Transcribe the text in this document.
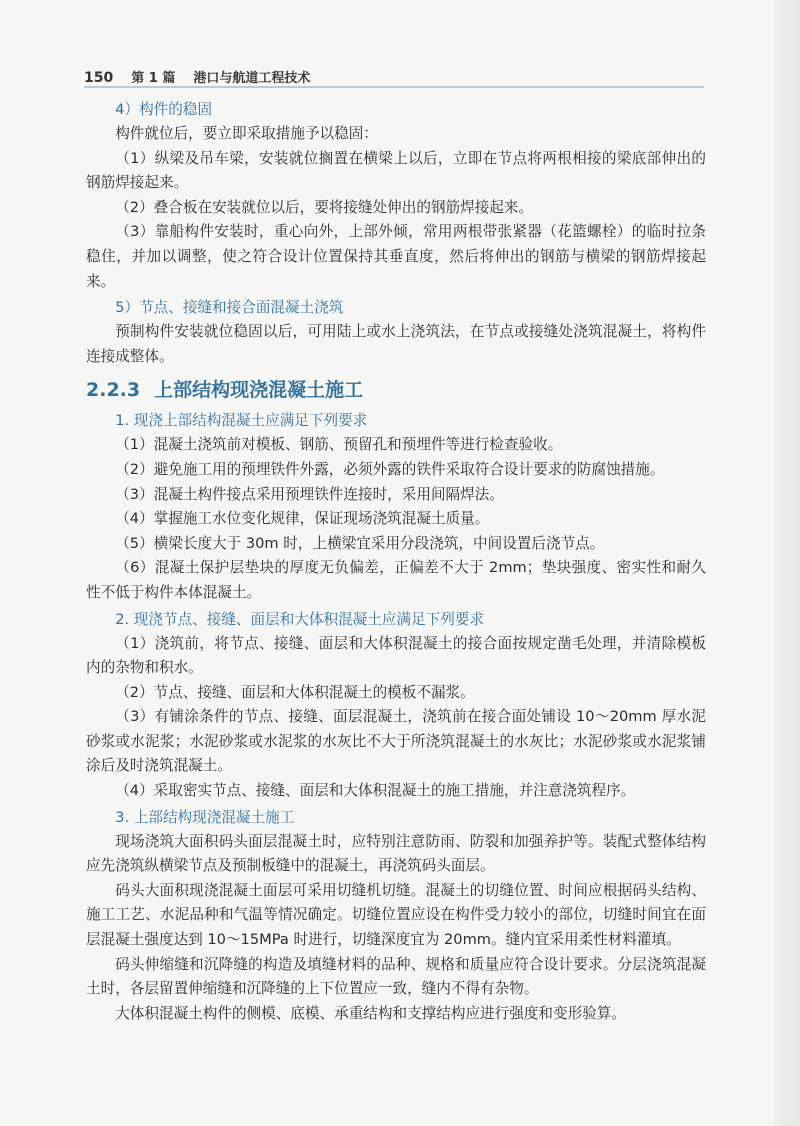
150 第 1 篇 港口与航道工程技术
4）构件的稳固

构件就位后，要立即采取措施予以稳固：

（1）纵梁及吊车梁，安装就位搁置在横梁上以后，立即在节点将两根相接的梁底部伸出的钢筋焊接起来。

（2）叠合板在安装就位以后，要将接缝处伸出的钢筋焊接起来。

（3）靠船构件安装时，重心向外，上部外倾，常用两根带张紧器（花篮螺栓）的临时拉条稳住，并加以调整，使之符合设计位置保持其垂直度，然后将伸出的钢筋与横梁的钢筋焊接起来。

5）节点、接缝和接合面混凝土浇筑

预制构件安装就位稳固以后，可用陆上或水上浇筑法，在节点或接缝处浇筑混凝土，将构件连接成整体。

2.2.3 上部结构现浇混凝土施工
1. 现浇上部结构混凝土应满足下列要求

（1）混凝土浇筑前对模板、钢筋、预留孔和预埋件等进行检查验收。

（2）避免施工用的预埋铁件外露，必须外露的铁件采取符合设计要求的防腐蚀措施。

（3）混凝土构件接点采用预埋铁件连接时，采用间隔焊法。

（4）掌握施工水位变化规律，保证现场浇筑混凝土质量。

（5）横梁长度大于 30m 时，上横梁宜采用分段浇筑，中间设置后浇节点。

（6）混凝土保护层垫块的厚度无负偏差，正偏差不大于 2mm；垫块强度、密实性和耐久性不低于构件本体混凝土。

2. 现浇节点、接缝、面层和大体积混凝土应满足下列要求

（1）浇筑前，将节点、接缝、面层和大体积混凝土的接合面按规定凿毛处理，并清除模板内的杂物和积水。

（2）节点、接缝、面层和大体积混凝土的模板不漏浆。

（3）有铺涂条件的节点、接缝、面层混凝土，浇筑前在接合面处铺设 10～20mm 厚水泥砂浆或水泥浆；水泥砂浆或水泥浆的水灰比不大于所浇筑混凝土的水灰比；水泥砂浆或水泥浆铺涂后及时浇筑混凝土。

（4）采取密实节点、接缝、面层和大体积混凝土的施工措施，并注意浇筑程序。

3. 上部结构现浇混凝土施工

现场浇筑大面积码头面层混凝土时，应特别注意防雨、防裂和加强养护等。装配式整体结构应先浇筑纵横梁节点及预制板缝中的混凝土，再浇筑码头面层。

码头大面积现浇混凝土面层可采用切缝机切缝。混凝土的切缝位置、时间应根据码头结构、施工工艺、水泥品种和气温等情况确定。切缝位置应设在构件受力较小的部位，切缝时间宜在面层混凝土强度达到 10～15MPa 时进行，切缝深度宜为 20mm。缝内宜采用柔性材料灌填。

码头伸缩缝和沉降缝的构造及填缝材料的品种、规格和质量应符合设计要求。分层浇筑混凝土时，各层留置伸缩缝和沉降缝的上下位置应一致，缝内不得有杂物。

大体积混凝土构件的侧模、底模、承重结构和支撑结构应进行强度和变形验算。
